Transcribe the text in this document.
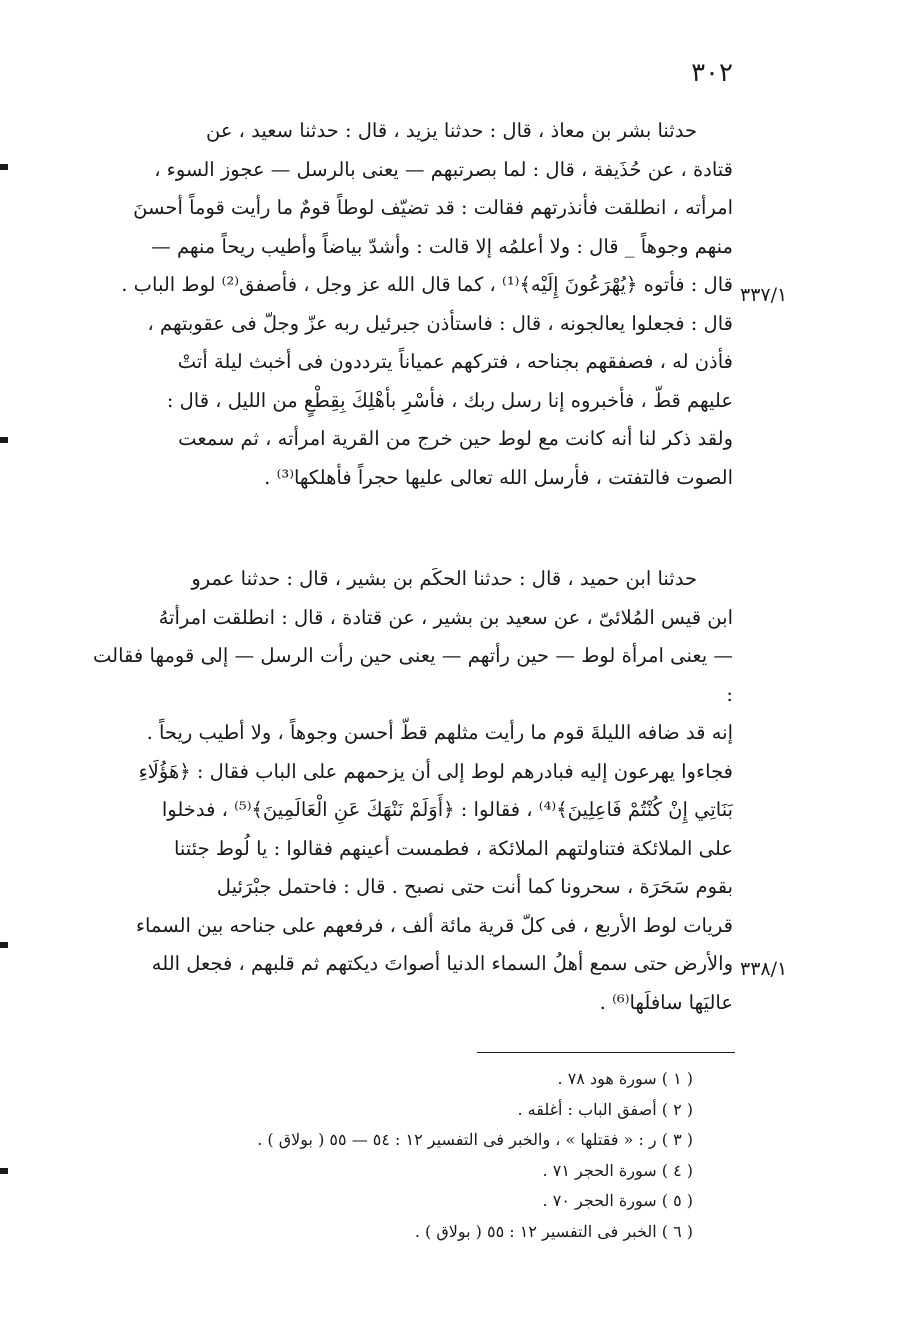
٣٠٢
٣٣٧/١
٣٣٨/١
حدثنا بشر بن معاذ ، قال : حدثنا يزيد ، قال : حدثنا سعيد ، عن
قتادة ، عن حُذَيفة ، قال : لما بصرتبهم — يعنى بالرسل — عجوز السوء ،
امرأته ، انطلقت فأنذرتهم فقالت : قد تضيّف لوطاً قومٌ ما رأيت قوماً أحسنَ
منهم وجوهاً _ قال : ولا أعلمُه إلا قالت : وأشدّ بياضاً وأطيب ريحاً منهم —
قال : فأتوه ﴿يُهْرَعُونَ إِلَيْه﴾⁽¹⁾ ، كما قال الله عز وجل ، فأصفق⁽²⁾ لوط الباب .
قال : فجعلوا يعالجونه ، قال : فاستأذن جبرئيل ربه عزّ وجلّ فى عقوبتهم ،
فأذن له ، فصفقهم بجناحه ، فتركهم عمياناً يترددون فى أخبث ليلة أتتْ
عليهم قطّ ، فأخبروه إنا رسل ربك ، فأسْرِ بأهْلِكَ بِقِطْعٍ من الليل ، قال :
ولقد ذكر لنا أنه كانت مع لوط حين خرج من القرية امرأته ، ثم سمعت
الصوت فالتفتت ، فأرسل الله تعالى عليها حجراً فأهلكها⁽³⁾ .
حدثنا ابن حميد ، قال : حدثنا الحكَم بن بشير ، قال : حدثنا عمرو
ابن قيس المُلائىّ ، عن سعيد بن بشير ، عن قتادة ، قال : انطلقت امرأتهُ
— يعنى امرأة لوط — حين رأتهم — يعنى حين رأت الرسل — إلى قومها فقالت :
إنه قد ضافه الليلةَ قوم ما رأيت مثلهم قطّ أحسن وجوهاً ، ولا أطيب ريحاً .
فجاءوا يهرعون إليه فبادرهم لوط إلى أن يزحمهم على الباب فقال : ﴿هَؤُلَاءِ
بَنَاتِي إِنْ كُنْتُمْ فَاعِلِينَ﴾⁽⁴⁾ ، فقالوا : ﴿أَوَلَمْ نَنْهَكَ عَنِ الْعَالَمِينَ﴾⁽⁵⁾ ، فدخلوا
على الملائكة فتناولتهم الملائكة ، فطمست أعينهم فقالوا : يا لُوط جئتنا
بقوم سَحَرَة ، سحرونا كما أنت حتى نصبح . قال : فاحتمل جبْرَئيل
قريات لوط الأربع ، فى كلّ قرية مائة ألف ، فرفعهم على جناحه بين السماء
والأرض حتى سمع أهلُ السماء الدنيا أصواتَ ديكتهم ثم قلبهم ، فجعل الله
عاليَها سافلَها⁽⁶⁾ .
( ١ ) سورة هود ٧٨ .
( ٢ ) أصفق الباب : أغلقه .
( ٣ ) ر : « فقتلها » ، والخبر فى التفسير ١٢ : ٥٤ — ٥٥ ( بولاق ) .
( ٤ ) سورة الحجر ٧١ .
( ٥ ) سورة الحجر ٧٠ .
( ٦ ) الخبر فى التفسير ١٢ : ٥٥ ( بولاق ) .
